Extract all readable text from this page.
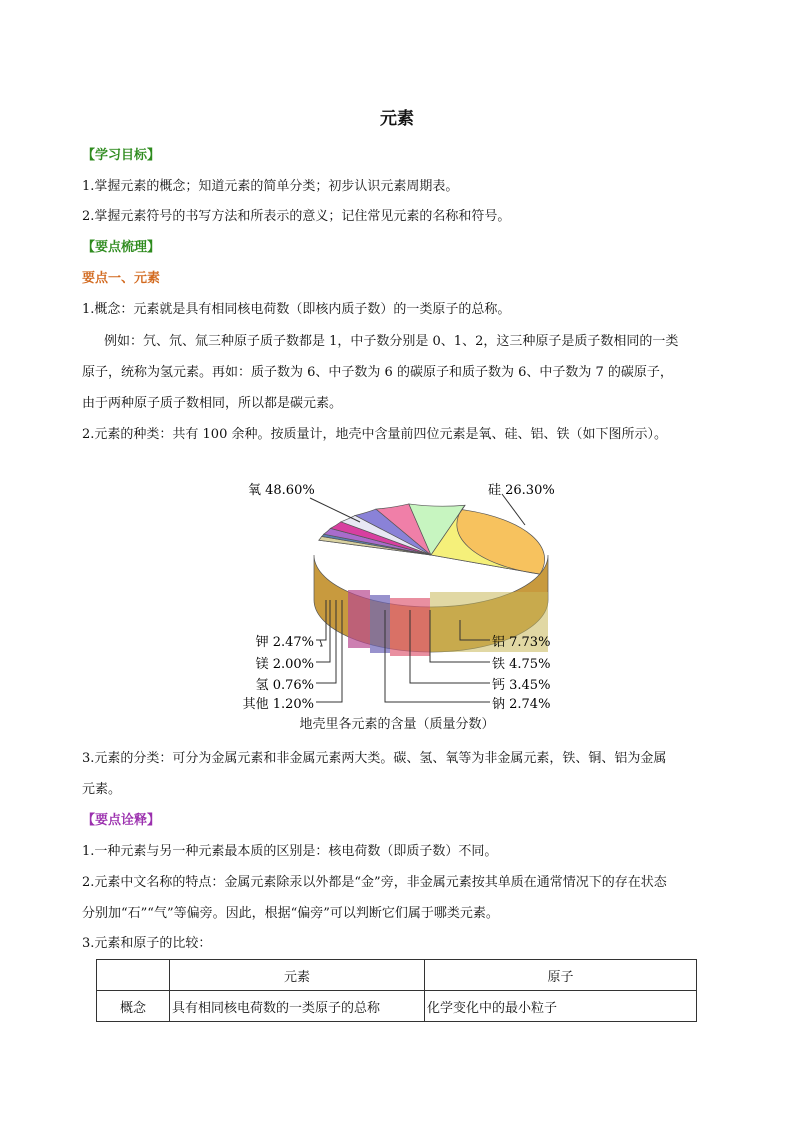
元素
【学习目标】
1.掌握元素的概念；知道元素的简单分类；初步认识元素周期表。
2.掌握元素符号的书写方法和所表示的意义；记住常见元素的名称和符号。
【要点梳理】
要点一、元素
1.概念：元素就是具有相同核电荷数（即核内质子数）的一类原子的总称。
例如：氕、氘、氚三种原子质子数都是 1，中子数分别是 0、1、2，这三种原子是质子数相同的一类
原子，统称为氢元素。再如：质子数为 6、中子数为 6 的碳原子和质子数为 6、中子数为 7 的碳原子，
由于两种原子质子数相同，所以都是碳元素。
2.元素的种类：共有 100 余种。按质量计，地壳中含量前四位元素是氧、硅、铝、铁（如下图所示）。
氧 48.60%	硅 26.30%
铝 7.73%
铁 4.75%
钙 3.45%
钠 2.74%
钾 2.47%
镁 2.00%
氢 0.76%
其他 1.20%
地壳里各元素的含量（质量分数）
3.元素的分类：可分为金属元素和非金属元素两大类。碳、氢、氧等为非金属元素，铁、铜、铝为金属
元素。
【要点诠释】
1.一种元素与另一种元素最本质的区别是：核电荷数（即质子数）不同。
2.元素中文名称的特点：金属元素除汞以外都是“金”旁，非金属元素按其单质在通常情况下的存在状态
分别加“石”“气”等偏旁。因此，根据“偏旁”可以判断它们属于哪类元素。
3.元素和原子的比较：
	元素	原子
概念	具有相同核电荷数的一类原子的总称	化学变化中的最小粒子
